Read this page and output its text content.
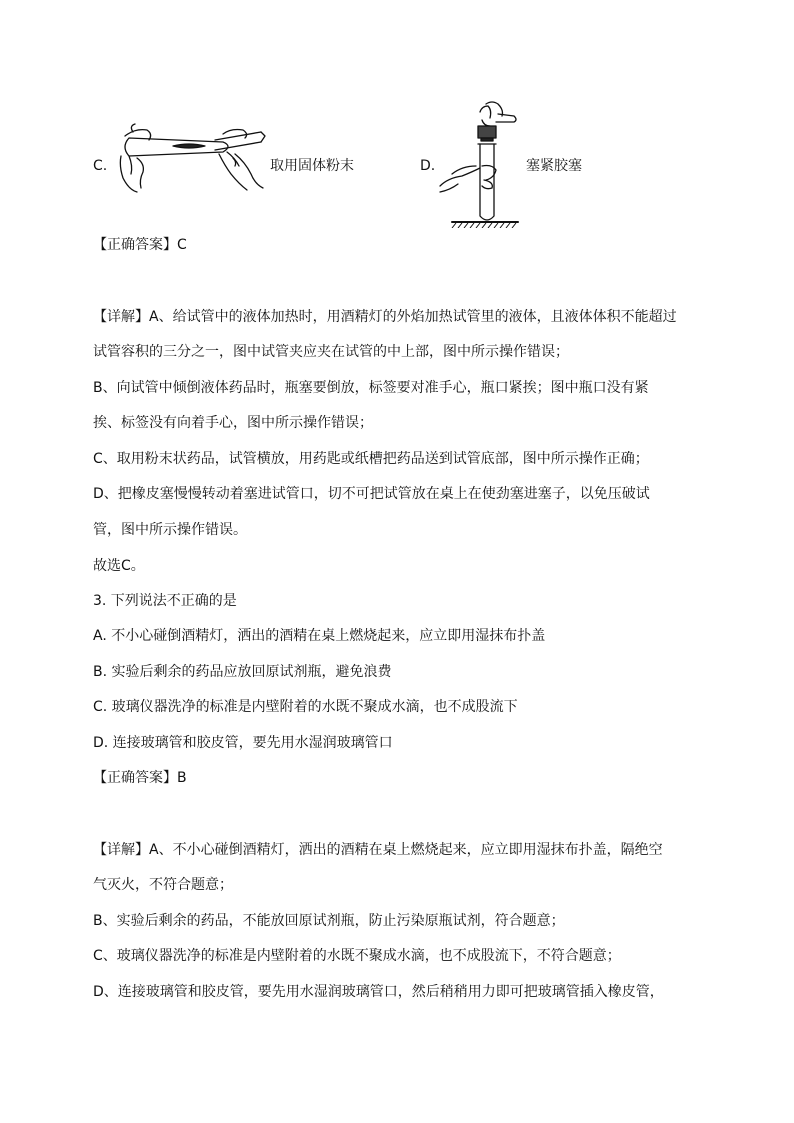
C.	取用固体粉末	D.	塞紧胶塞

【正确答案】C

【详解】A、给试管中的液体加热时，用酒精灯的外焰加热试管里的液体，且液体体积不能超过

试管容积的三分之一，图中试管夹应夹在试管的中上部，图中所示操作错误；

B、向试管中倾倒液体药品时，瓶塞要倒放，标签要对准手心，瓶口紧挨；图中瓶口没有紧

挨、标签没有向着手心，图中所示操作错误；

C、取用粉末状药品，试管横放，用药匙或纸槽把药品送到试管底部，图中所示操作正确；

D、把橡皮塞慢慢转动着塞进试管口，切不可把试管放在桌上在使劲塞进塞子，以免压破试

管，图中所示操作错误。

故选C。

3. 下列说法不正确的是

A. 不小心碰倒酒精灯，洒出的酒精在桌上燃烧起来，应立即用湿抹布扑盖

B. 实验后剩余的药品应放回原试剂瓶，避免浪费

C. 玻璃仪器洗净的标准是内壁附着的水既不聚成水滴，也不成股流下

D. 连接玻璃管和胶皮管，要先用水湿润玻璃管口

【正确答案】B

【详解】A、不小心碰倒酒精灯，洒出的酒精在桌上燃烧起来，应立即用湿抹布扑盖，隔绝空

气灭火，不符合题意；

B、实验后剩余的药品，不能放回原试剂瓶，防止污染原瓶试剂，符合题意；

C、玻璃仪器洗净的标准是内壁附着的水既不聚成水滴，也不成股流下，不符合题意；

D、连接玻璃管和胶皮管，要先用水湿润玻璃管口，然后稍稍用力即可把玻璃管插入橡皮管，
